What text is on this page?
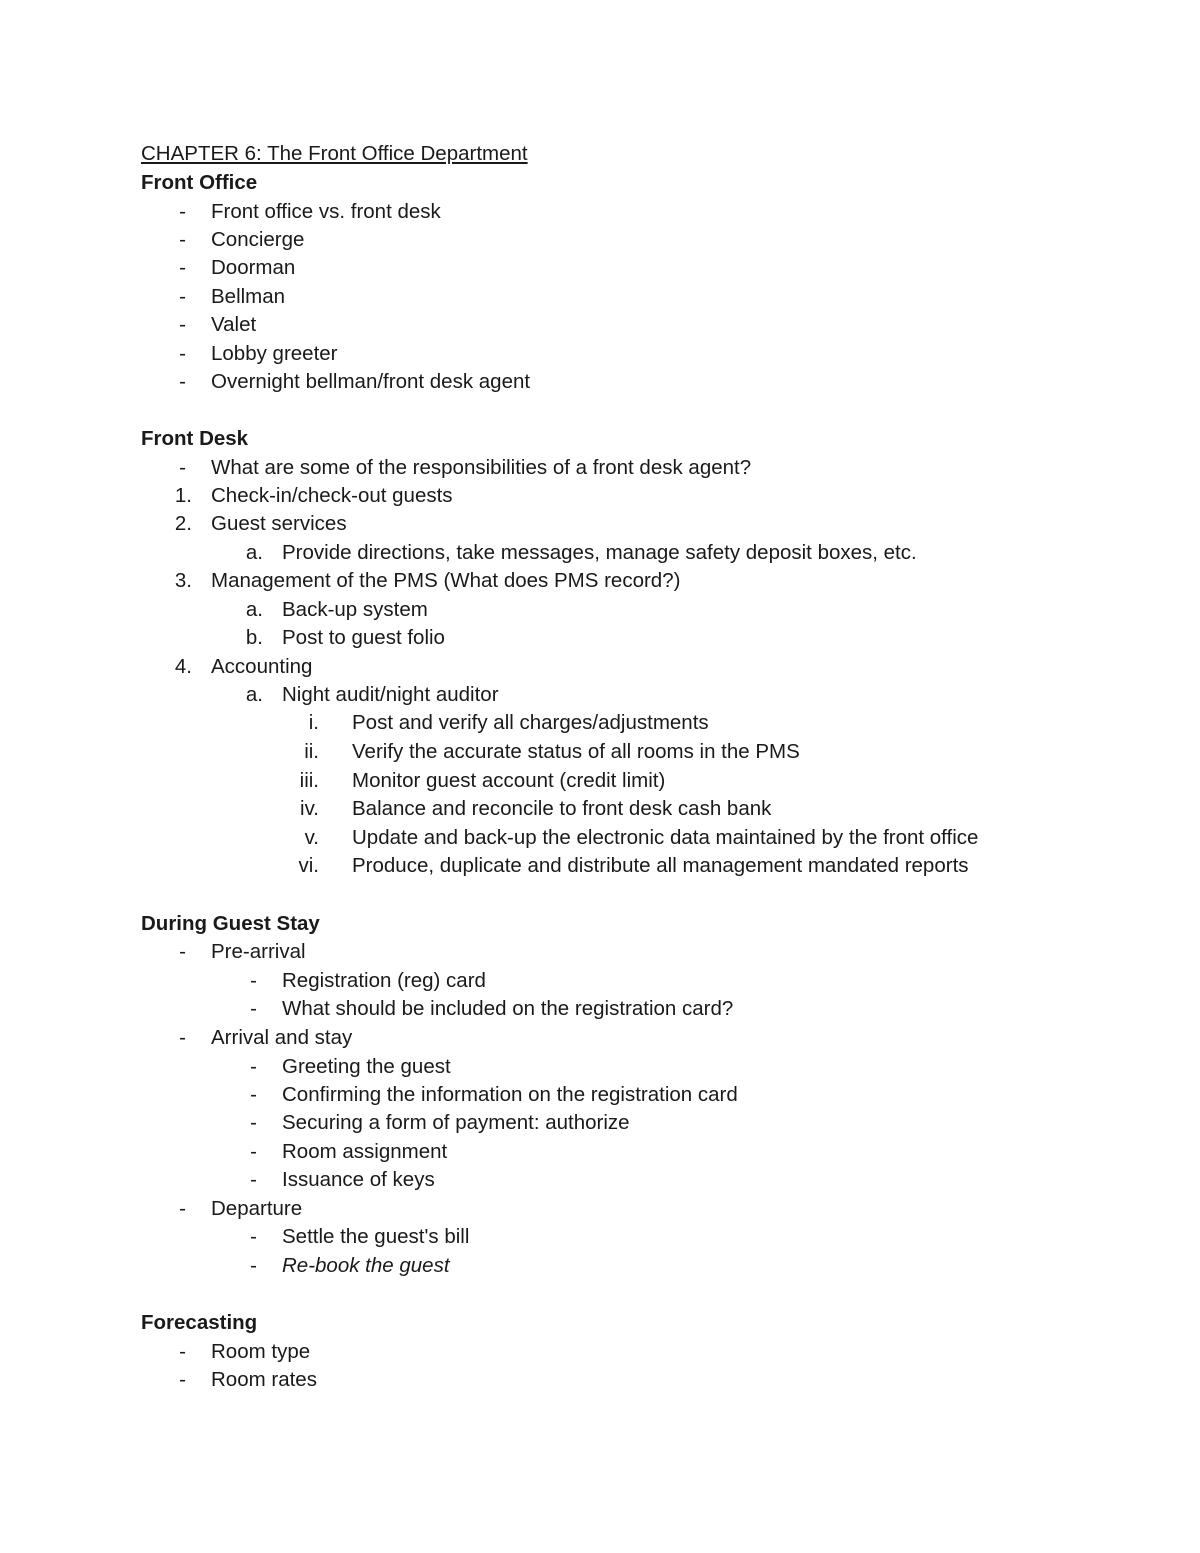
CHAPTER 6: The Front Office Department
Front Office
- Front office vs. front desk
- Concierge
- Doorman
- Bellman
- Valet
- Lobby greeter
- Overnight bellman/front desk agent
Front Desk
- What are some of the responsibilities of a front desk agent?
1. Check-in/check-out guests
2. Guest services
a. Provide directions, take messages, manage safety deposit boxes, etc.
3. Management of the PMS (What does PMS record?)
a. Back-up system
b. Post to guest folio
4. Accounting
a. Night audit/night auditor
i. Post and verify all charges/adjustments
ii. Verify the accurate status of all rooms in the PMS
iii. Monitor guest account (credit limit)
iv. Balance and reconcile to front desk cash bank
v. Update and back-up the electronic data maintained by the front office
vi. Produce, duplicate and distribute all management mandated reports
During Guest Stay
- Pre-arrival
- Registration (reg) card
- What should be included on the registration card?
- Arrival and stay
- Greeting the guest
- Confirming the information on the registration card
- Securing a form of payment: authorize
- Room assignment
- Issuance of keys
- Departure
- Settle the guest's bill
- Re-book the guest
Forecasting
- Room type
- Room rates
